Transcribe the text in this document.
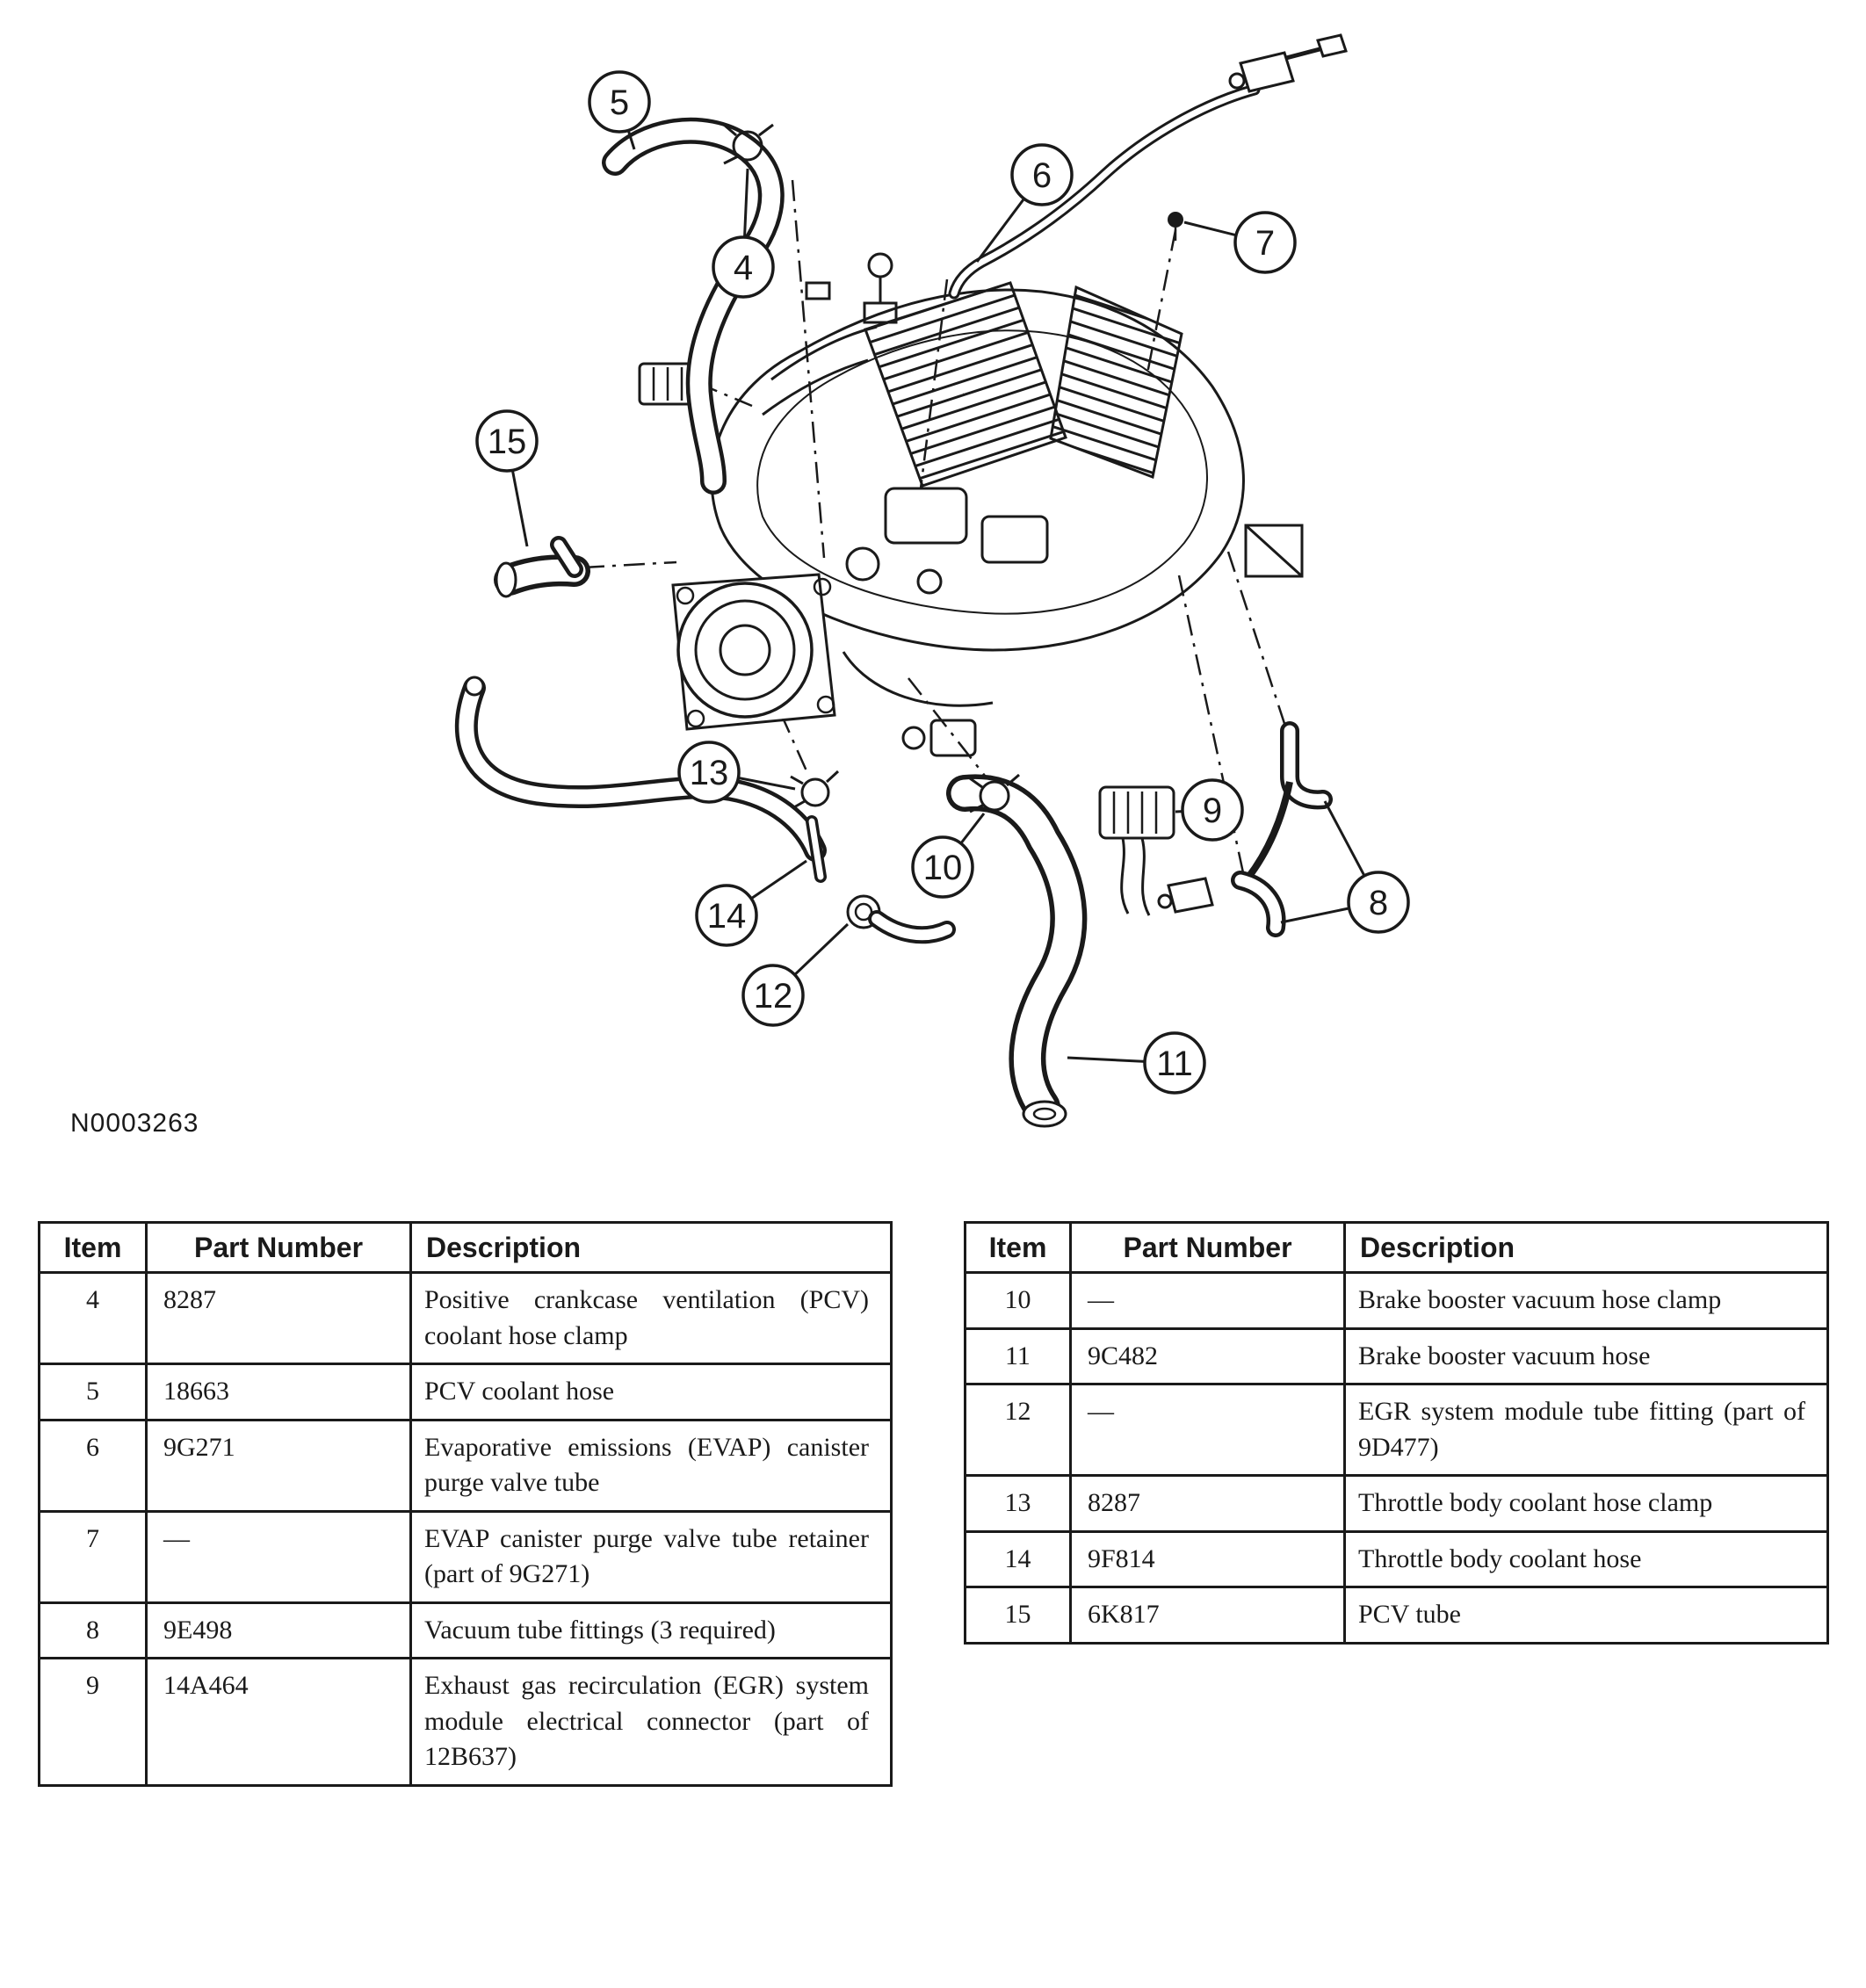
5
4
6
7
15
13
14
10
12
9
8
11
N0003263
Item	Part Number	Description
4	8287	Positive crankcase ventilation (PCV) coolant hose clamp
5	18663	PCV coolant hose
6	9G271	Evaporative emissions (EVAP) canister purge valve tube
7	—	EVAP canister purge valve tube retainer (part of 9G271)
8	9E498	Vacuum tube fittings (3 required)
9	14A464	Exhaust gas recirculation (EGR) system module electrical connector (part of 12B637)
Item	Part Number	Description
10	—	Brake booster vacuum hose clamp
11	9C482	Brake booster vacuum hose
12	—	EGR system module tube fitting (part of 9D477)
13	8287	Throttle body coolant hose clamp
14	9F814	Throttle body coolant hose
15	6K817	PCV tube
